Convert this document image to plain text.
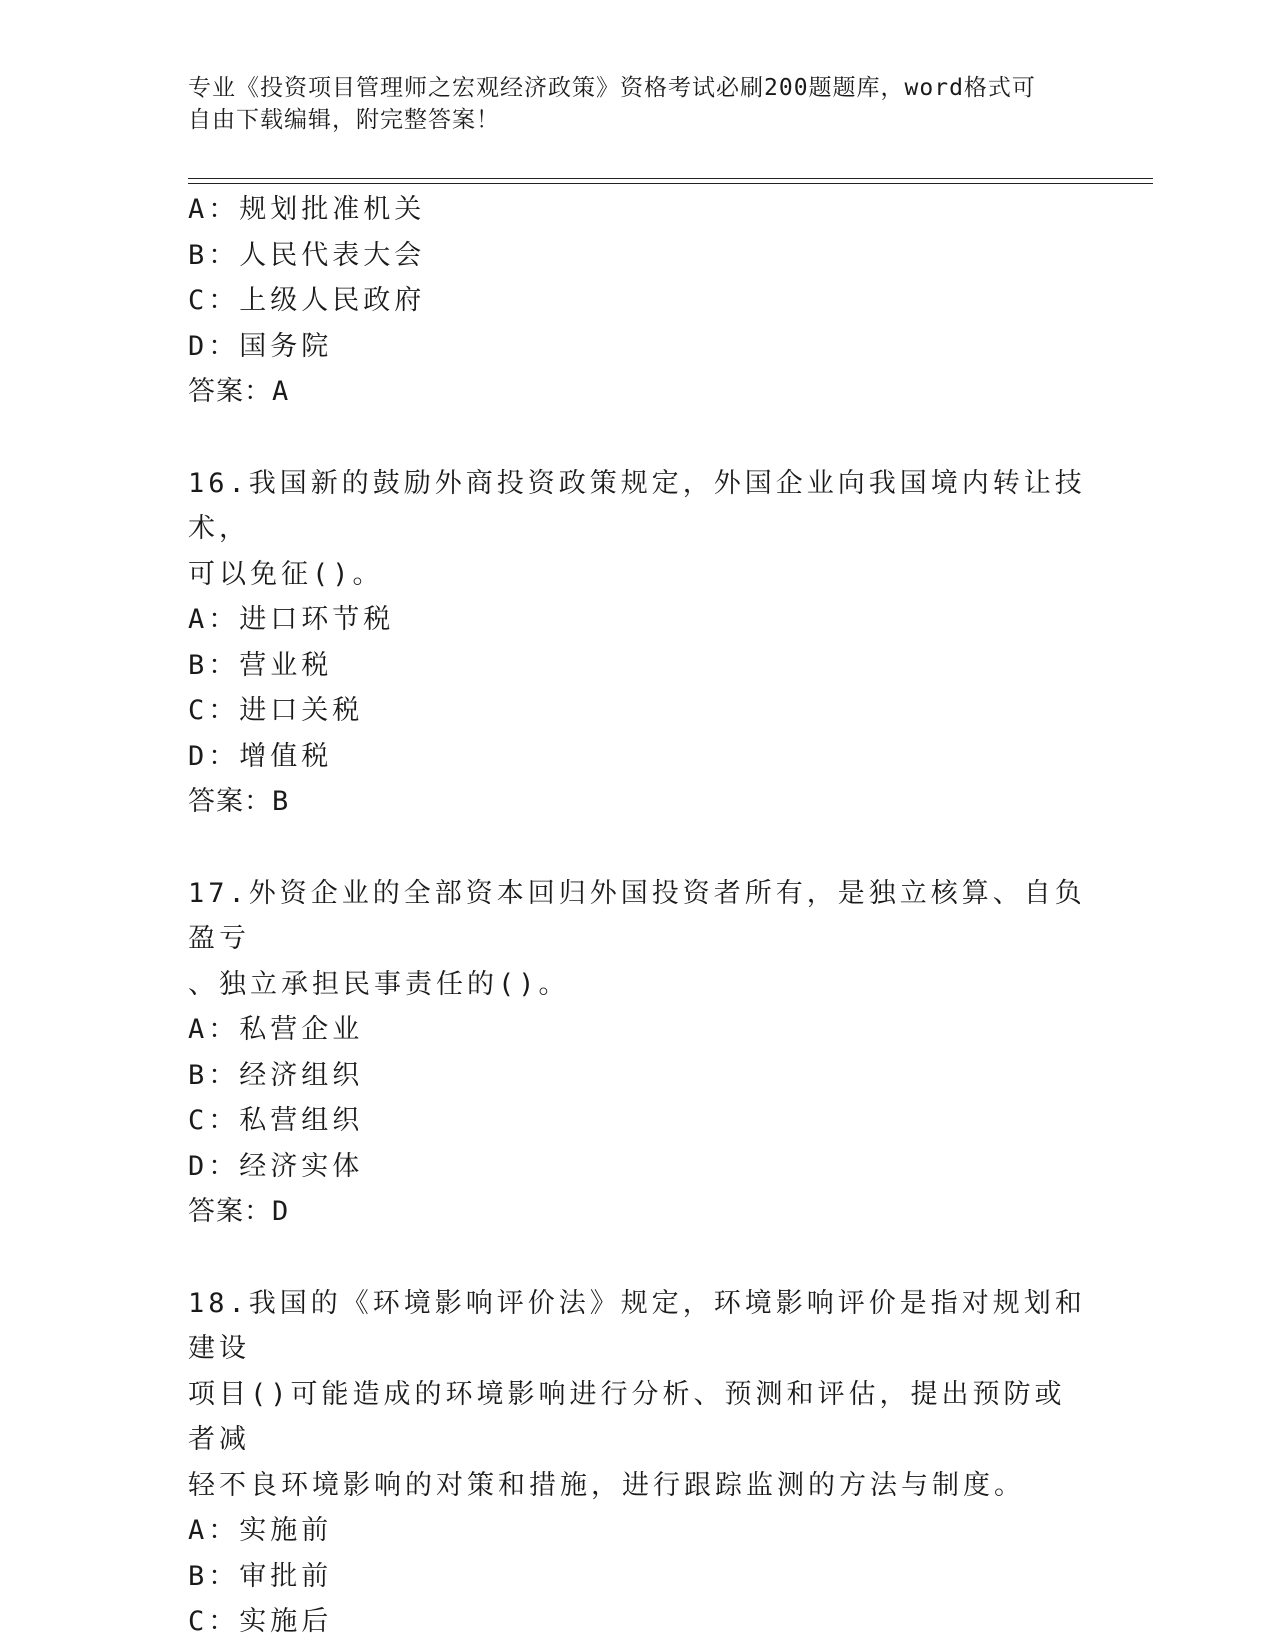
专业《投资项目管理师之宏观经济政策》资格考试必刷200题题库，word格式可
自由下载编辑，附完整答案！
A：规划批准机关
B：人民代表大会
C：上级人民政府
D：国务院
答案：A
16.我国新的鼓励外商投资政策规定，外国企业向我国境内转让技术，
可以免征()。
A：进口环节税
B：营业税
C：进口关税
D：增值税
答案：B
17.外资企业的全部资本回归外国投资者所有，是独立核算、自负盈亏
、独立承担民事责任的()。
A：私营企业
B：经济组织
C：私营组织
D：经济实体
答案：D
18.我国的《环境影响评价法》规定，环境影响评价是指对规划和建设
项目()可能造成的环境影响进行分析、预测和评估，提出预防或者减
轻不良环境影响的对策和措施，进行跟踪监测的方法与制度。
A：实施前
B：审批前
C：实施后
